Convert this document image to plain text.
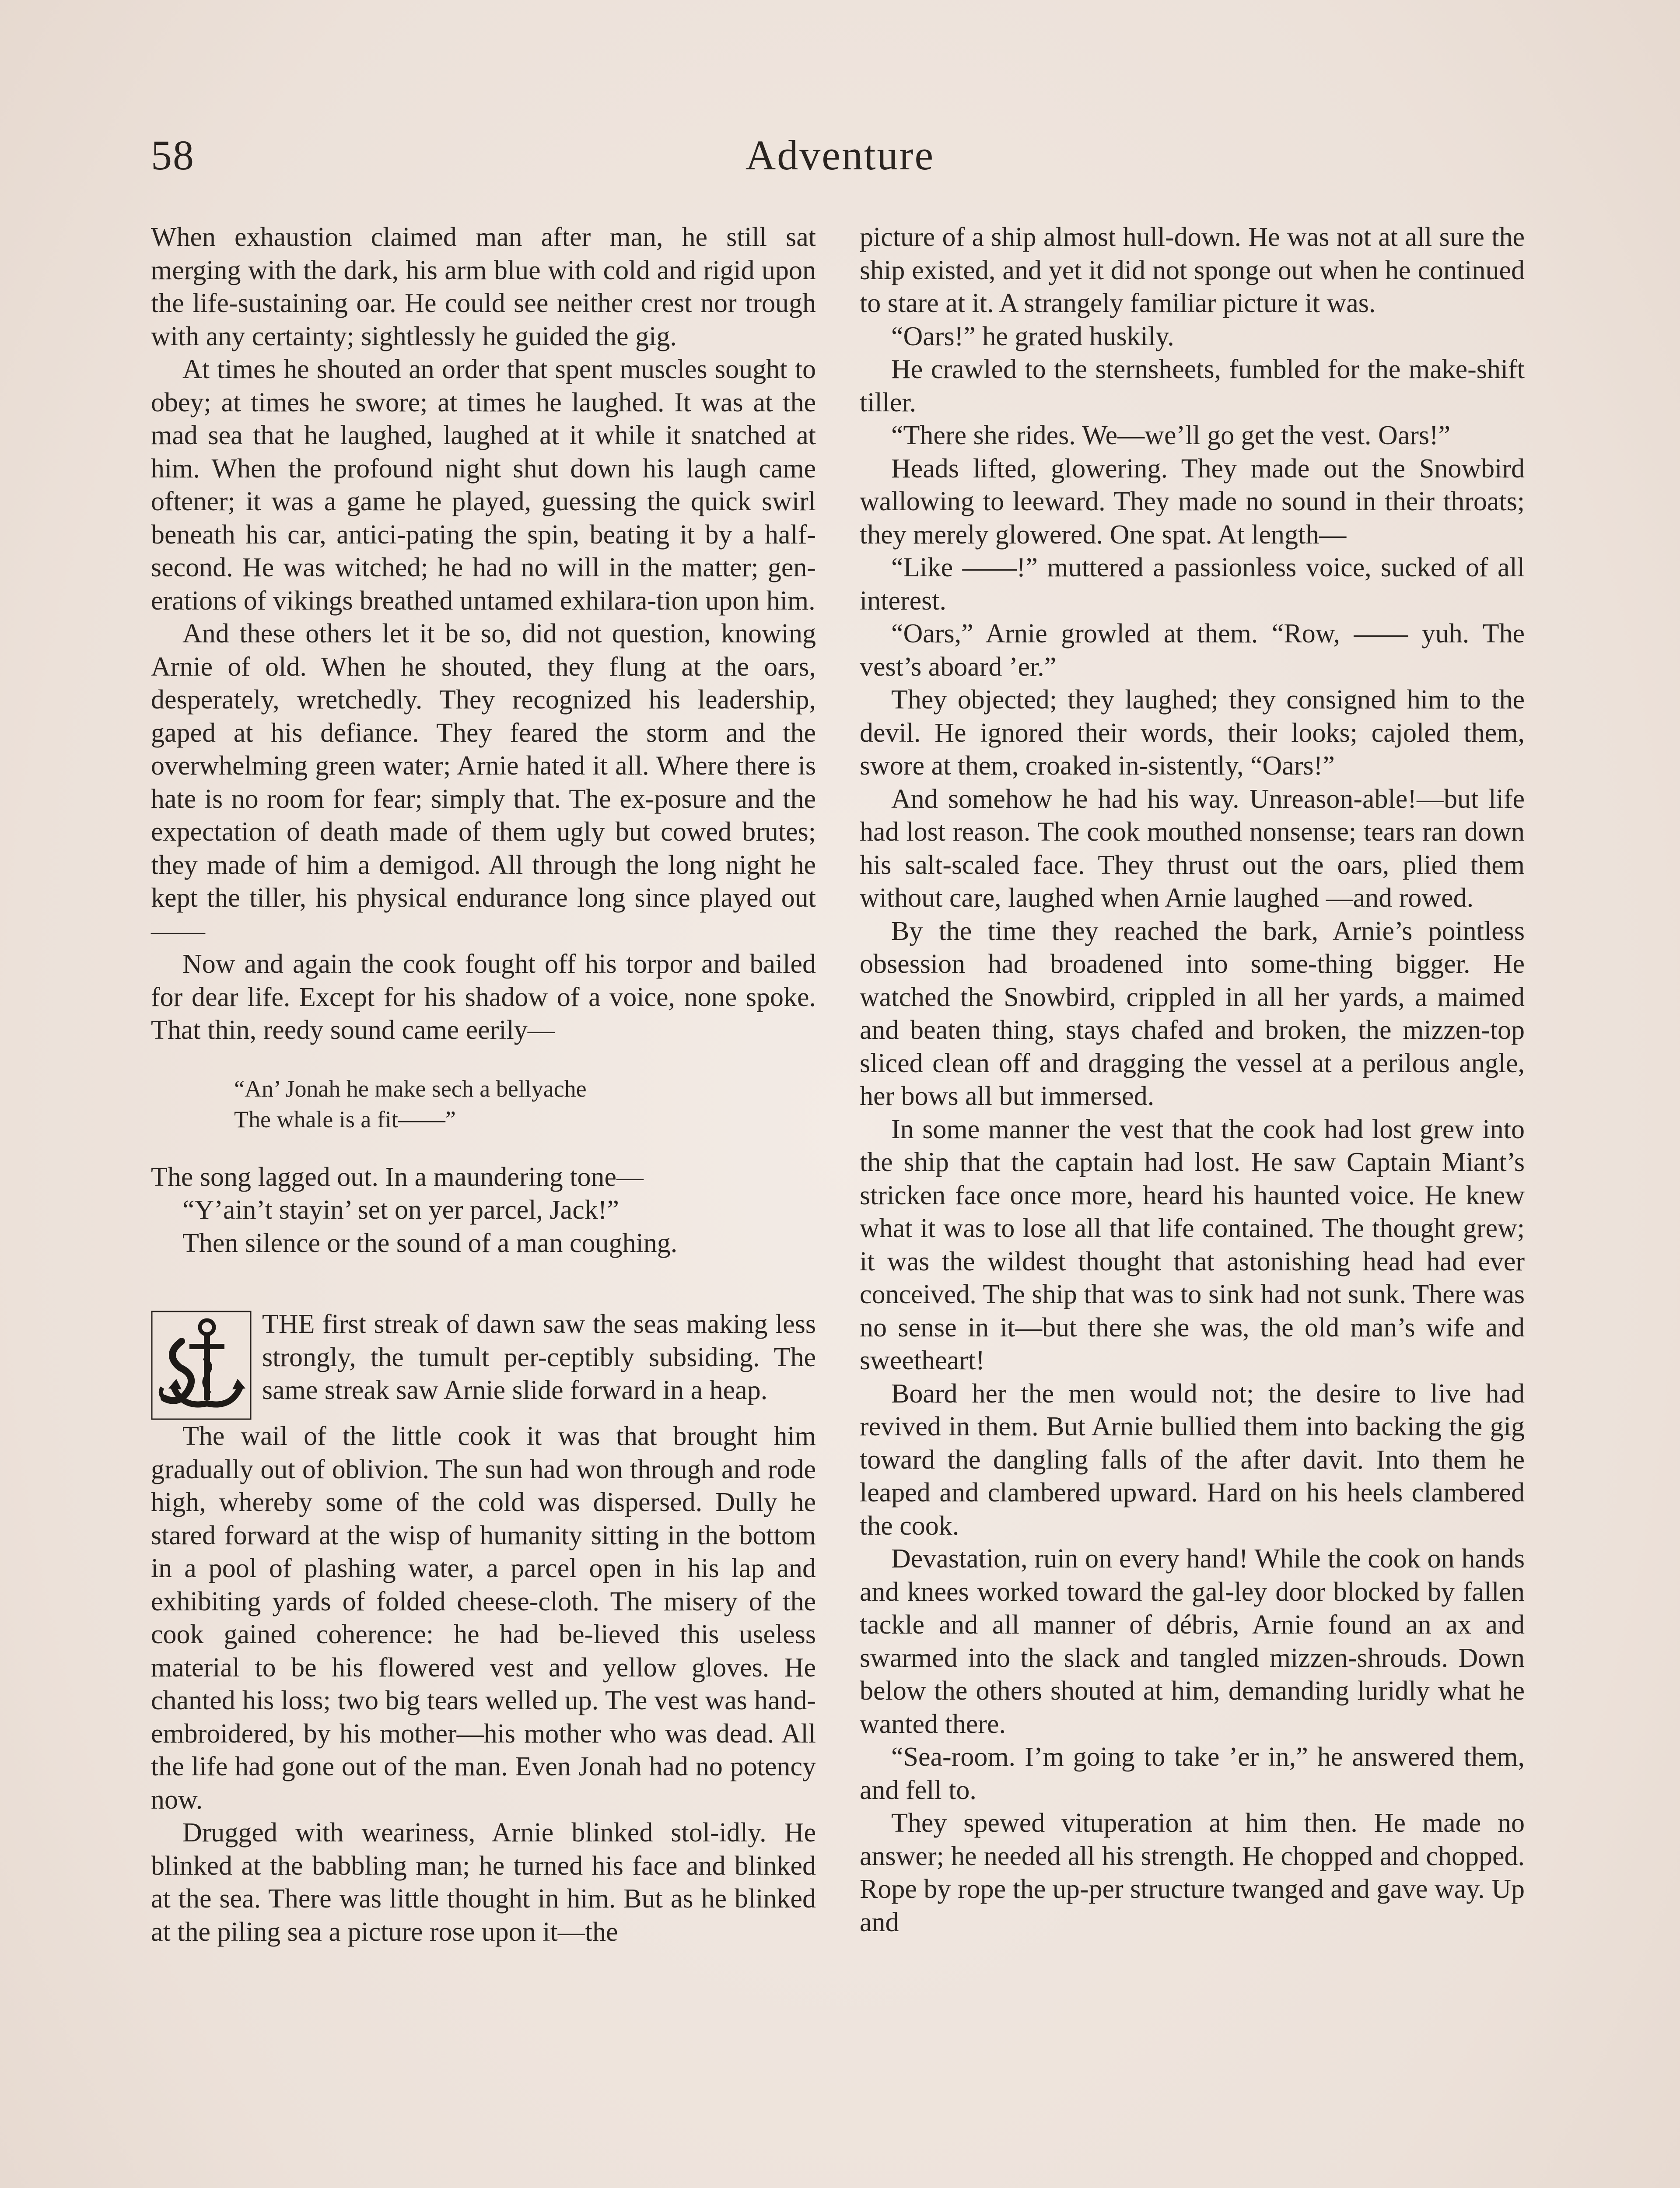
58	Adventure

When exhaustion claimed man after man, he still sat merging with the dark, his arm blue with cold and rigid upon the life-sustaining oar. He could see neither crest nor trough with any certainty; sightlessly he guided the gig.

At times he shouted an order that spent muscles sought to obey; at times he swore; at times he laughed. It was at the mad sea that he laughed, laughed at it while it snatched at him. When the profound night shut down his laugh came oftener; it was a game he played, guessing the quick swirl beneath his car, antici-pating the spin, beating it by a half-second. He was witched; he had no will in the matter; gen-erations of vikings breathed untamed exhilara-tion upon him.

And these others let it be so, did not question, knowing Arnie of old. When he shouted, they flung at the oars, desperately, wretchedly. They recognized his leadership, gaped at his defiance. They feared the storm and the overwhelming green water; Arnie hated it all. Where there is hate is no room for fear; simply that. The ex-posure and the expectation of death made of them ugly but cowed brutes; they made of him a demigod. All through the long night he kept the tiller, his physical endurance long since played out——

Now and again the cook fought off his torpor and bailed for dear life. Except for his shadow of a voice, none spoke. That thin, reedy sound came eerily—

“An’ Jonah he make sech a bellyache
The whale is a fit——”

The song lagged out. In a maundering tone—

“Y’ain’t stayin’ set on yer parcel, Jack!”

Then silence or the sound of a man coughing.

THE first streak of dawn saw the seas making less strongly, the tumult per-ceptibly subsiding. The same streak saw Arnie slide forward in a heap.

The wail of the little cook it was that brought him gradually out of oblivion. The sun had won through and rode high, whereby some of the cold was dispersed. Dully he stared forward at the wisp of humanity sitting in the bottom in a pool of plashing water, a parcel open in his lap and exhibiting yards of folded cheese-cloth. The misery of the cook gained coherence: he had be-lieved this useless material to be his flowered vest and yellow gloves. He chanted his loss; two big tears welled up. The vest was hand-embroidered, by his mother—his mother who was dead. All the life had gone out of the man. Even Jonah had no potency now.

Drugged with weariness, Arnie blinked stol-idly. He blinked at the babbling man; he turned his face and blinked at the sea. There was little thought in him. But as he blinked at the piling sea a picture rose upon it—the

picture of a ship almost hull-down. He was not at all sure the ship existed, and yet it did not sponge out when he continued to stare at it. A strangely familiar picture it was.

“Oars!” he grated huskily.

He crawled to the sternsheets, fumbled for the make-shift tiller.

“There she rides. We—we’ll go get the vest. Oars!”

Heads lifted, glowering. They made out the Snowbird wallowing to leeward. They made no sound in their throats; they merely glowered. One spat. At length—

“Like ——!” muttered a passionless voice, sucked of all interest.

“Oars,” Arnie growled at them. “Row, —— yuh. The vest’s aboard ’er.”

They objected; they laughed; they consigned him to the devil. He ignored their words, their looks; cajoled them, swore at them, croaked in-sistently, “Oars!”

And somehow he had his way. Unreason-able!—but life had lost reason. The cook mouthed nonsense; tears ran down his salt-scaled face. They thrust out the oars, plied them without care, laughed when Arnie laughed —and rowed.

By the time they reached the bark, Arnie’s pointless obsession had broadened into some-thing bigger. He watched the Snowbird, crippled in all her yards, a maimed and beaten thing, stays chafed and broken, the mizzen-top sliced clean off and dragging the vessel at a perilous angle, her bows all but immersed.

In some manner the vest that the cook had lost grew into the ship that the captain had lost. He saw Captain Miant’s stricken face once more, heard his haunted voice. He knew what it was to lose all that life contained. The thought grew; it was the wildest thought that astonishing head had ever conceived. The ship that was to sink had not sunk. There was no sense in it—but there she was, the old man’s wife and sweetheart!

Board her the men would not; the desire to live had revived in them. But Arnie bullied them into backing the gig toward the dangling falls of the after davit. Into them he leaped and clambered upward. Hard on his heels clambered the cook.

Devastation, ruin on every hand! While the cook on hands and knees worked toward the gal-ley door blocked by fallen tackle and all manner of débris, Arnie found an ax and swarmed into the slack and tangled mizzen-shrouds. Down below the others shouted at him, demanding luridly what he wanted there.

“Sea-room. I’m going to take ’er in,” he answered them, and fell to.

They spewed vituperation at him then. He made no answer; he needed all his strength. He chopped and chopped. Rope by rope the up-per structure twanged and gave way. Up and
